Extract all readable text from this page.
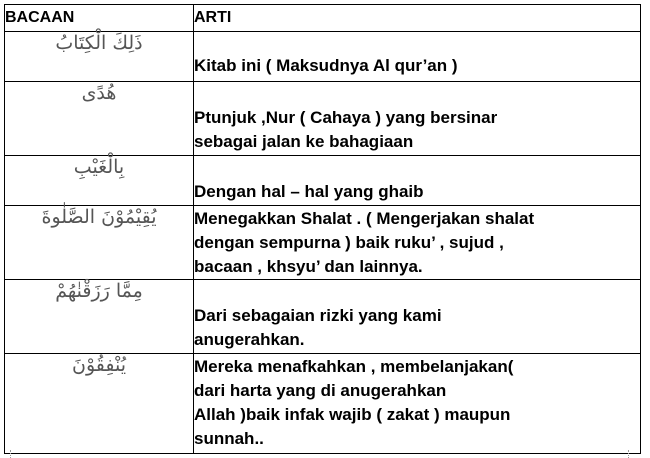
BACAAN	ARTI
ذَلِكَ الْكِتَابُ	Kitab ini ( Maksudnya Al qur’an )

هُدًى	Ptunjuk ,Nur ( Cahaya ) yang bersinar
sebagai jalan ke bahagiaan

بِالْغَيْبِ	Dengan hal – hal yang ghaib

يُقِيْمُوْنَ الصَّلٰوةَ	Menegakkan Shalat . ( Mengerjakan shalat
dengan sempurna ) baik ruku’ , sujud ,
bacaan , khsyu’ dan lainnya.

مِمَّا رَزَقْنٰهُمْ	Dari sebagaian rizki yang kami
anugerahkan.

يُنْفِقُوْنَ	Mereka menafkahkan , membelanjakan(
dari harta yang di anugerahkan
Allah )baik infak wajib ( zakat ) maupun
sunnah..
